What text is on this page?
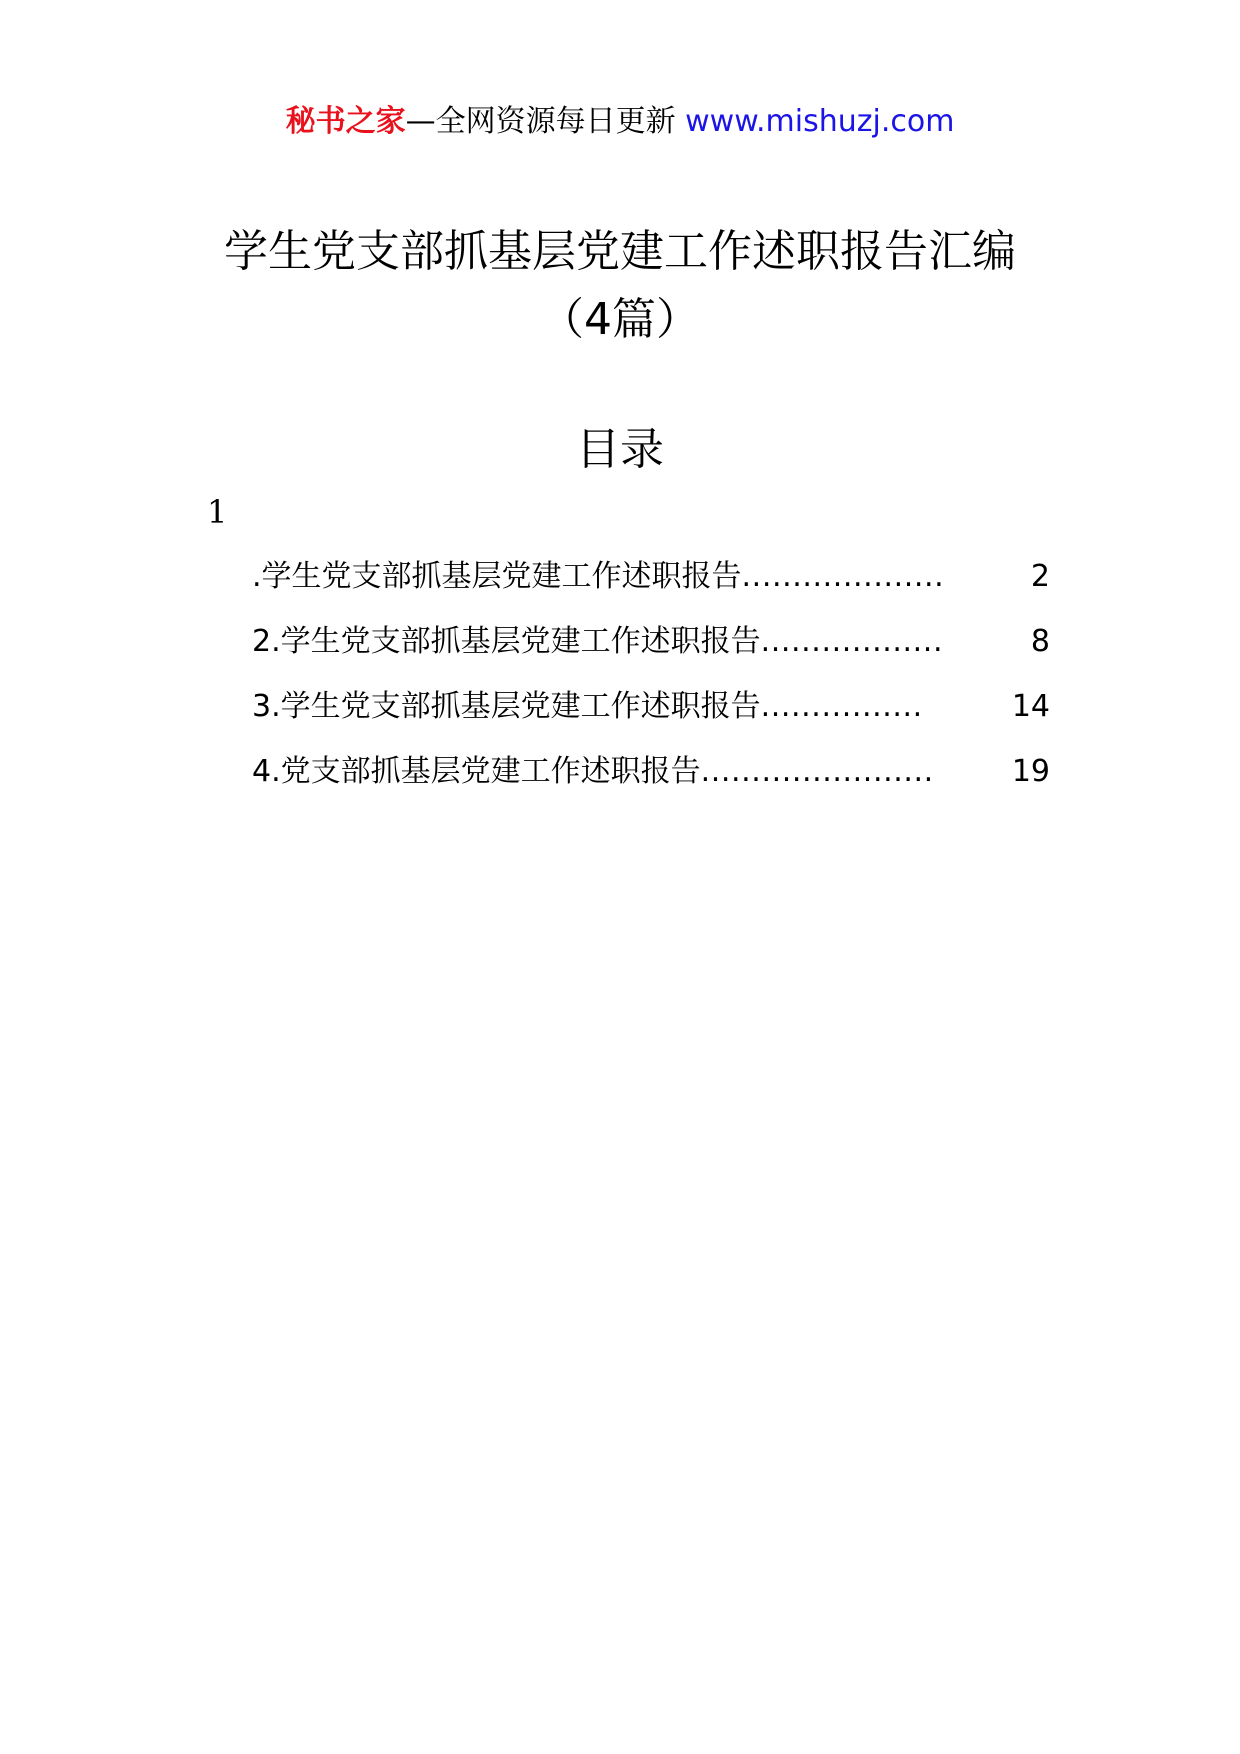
秘书之家—全网资源每日更新 www.mishuzj.com
学生党支部抓基层党建工作述职报告汇编
（4篇）
目录
1
.学生党支部抓基层党建工作述职报告 ....................	2
2.学生党支部抓基层党建工作述职报告 ..................	8
3.学生党支部抓基层党建工作述职报告 ................	14
4.党支部抓基层党建工作述职报告 .......................	19
